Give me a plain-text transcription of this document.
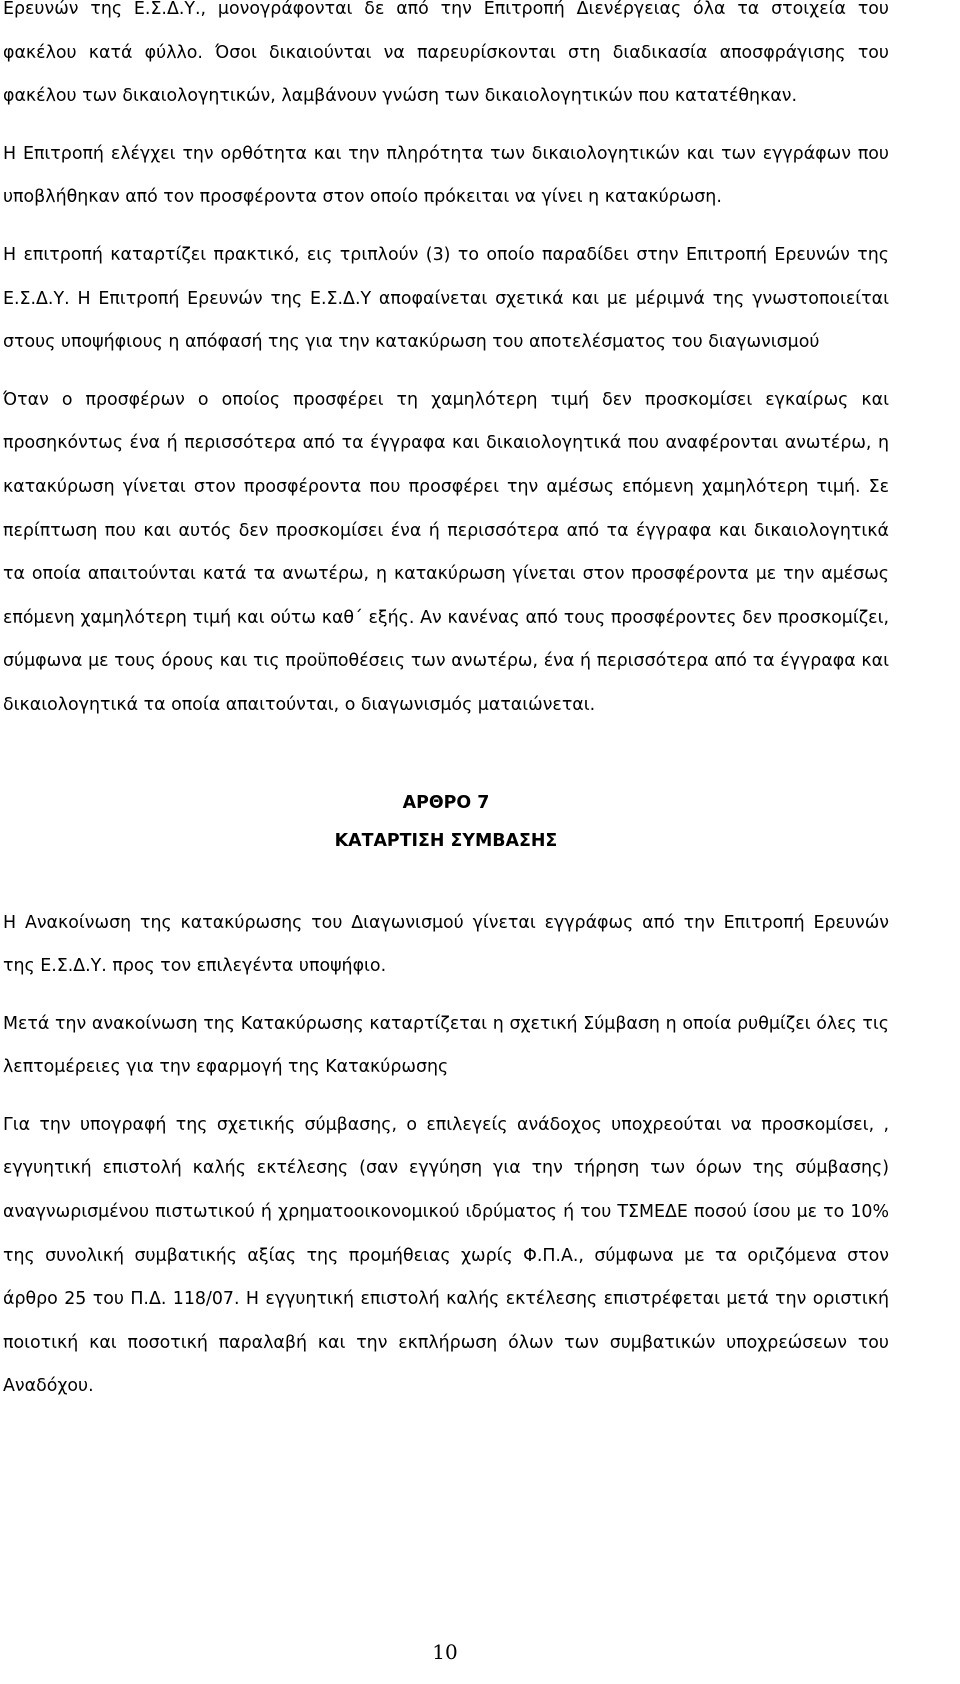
Ερευνών της Ε.Σ.Δ.Υ., μονογράφονται δε από την Επιτροπή Διενέργειας όλα τα στοιχεία του φακέλου κατά φύλλο. Όσοι δικαιούνται να παρευρίσκονται στη διαδικασία αποσφράγισης του φακέλου των δικαιολογητικών, λαμβάνουν γνώση των δικαιολογητικών που κατατέθηκαν.

Η Επιτροπή ελέγχει την ορθότητα και την πληρότητα των δικαιολογητικών και των εγγράφων που υποβλήθηκαν από τον προσφέροντα στον οποίο πρόκειται να γίνει η κατακύρωση.

Η επιτροπή καταρτίζει πρακτικό, εις τριπλούν (3) το οποίο παραδίδει στην Επιτροπή Ερευνών της Ε.Σ.Δ.Υ. Η Επιτροπή Ερευνών της Ε.Σ.Δ.Υ αποφαίνεται σχετικά και με μέριμνά της γνωστοποιείται στους υποψήφιους η απόφασή της για την κατακύρωση του αποτελέσματος του διαγωνισμού

Όταν ο προσφέρων ο οποίος προσφέρει τη χαμηλότερη τιμή δεν προσκομίσει εγκαίρως και προσηκόντως ένα ή περισσότερα από τα έγγραφα και δικαιολογητικά που αναφέρονται ανωτέρω, η κατακύρωση γίνεται στον προσφέροντα που προσφέρει την αμέσως επόμενη χαμηλότερη τιμή. Σε περίπτωση που και αυτός δεν προσκομίσει ένα ή περισσότερα από τα έγγραφα και δικαιολογητικά τα οποία απαιτούνται κατά τα ανωτέρω, η κατακύρωση γίνεται στον προσφέροντα με την αμέσως επόμενη χαμηλότερη τιμή και ούτω καθ΄ εξής. Αν κανένας από τους προσφέροντες δεν προσκομίζει, σύμφωνα με τους όρους και τις προϋποθέσεις των ανωτέρω, ένα ή περισσότερα από τα έγγραφα και δικαιολογητικά τα οποία απαιτούνται, ο διαγωνισμός ματαιώνεται.

ΑΡΘΡΟ 7
ΚΑΤΑΡΤΙΣΗ ΣΥΜΒΑΣΗΣ

Η Ανακοίνωση της κατακύρωσης του Διαγωνισμού γίνεται εγγράφως από την Επιτροπή Ερευνών της Ε.Σ.Δ.Υ. προς τον επιλεγέντα υποψήφιο.

Μετά την ανακοίνωση της Κατακύρωσης καταρτίζεται η σχετική Σύμβαση η οποία ρυθμίζει όλες τις λεπτομέρειες για την εφαρμογή της Κατακύρωσης

Για την υπογραφή της σχετικής σύμβασης, ο επιλεγείς ανάδοχος υποχρεούται να προσκομίσει, , εγγυητική επιστολή καλής εκτέλεσης (σαν εγγύηση για την τήρηση των όρων της σύμβασης) αναγνωρισμένου πιστωτικού ή χρηματοοικονομικού ιδρύματος ή του ΤΣΜΕΔΕ ποσού ίσου με το 10% της συνολική συμβατικής αξίας της προμήθειας χωρίς Φ.Π.Α., σύμφωνα με τα οριζόμενα στον άρθρο 25 του Π.Δ. 118/07. Η εγγυητική επιστολή καλής εκτέλεσης επιστρέφεται μετά την οριστική ποιοτική και ποσοτική παραλαβή και την εκπλήρωση όλων των συμβατικών υποχρεώσεων του Αναδόχου.

10
